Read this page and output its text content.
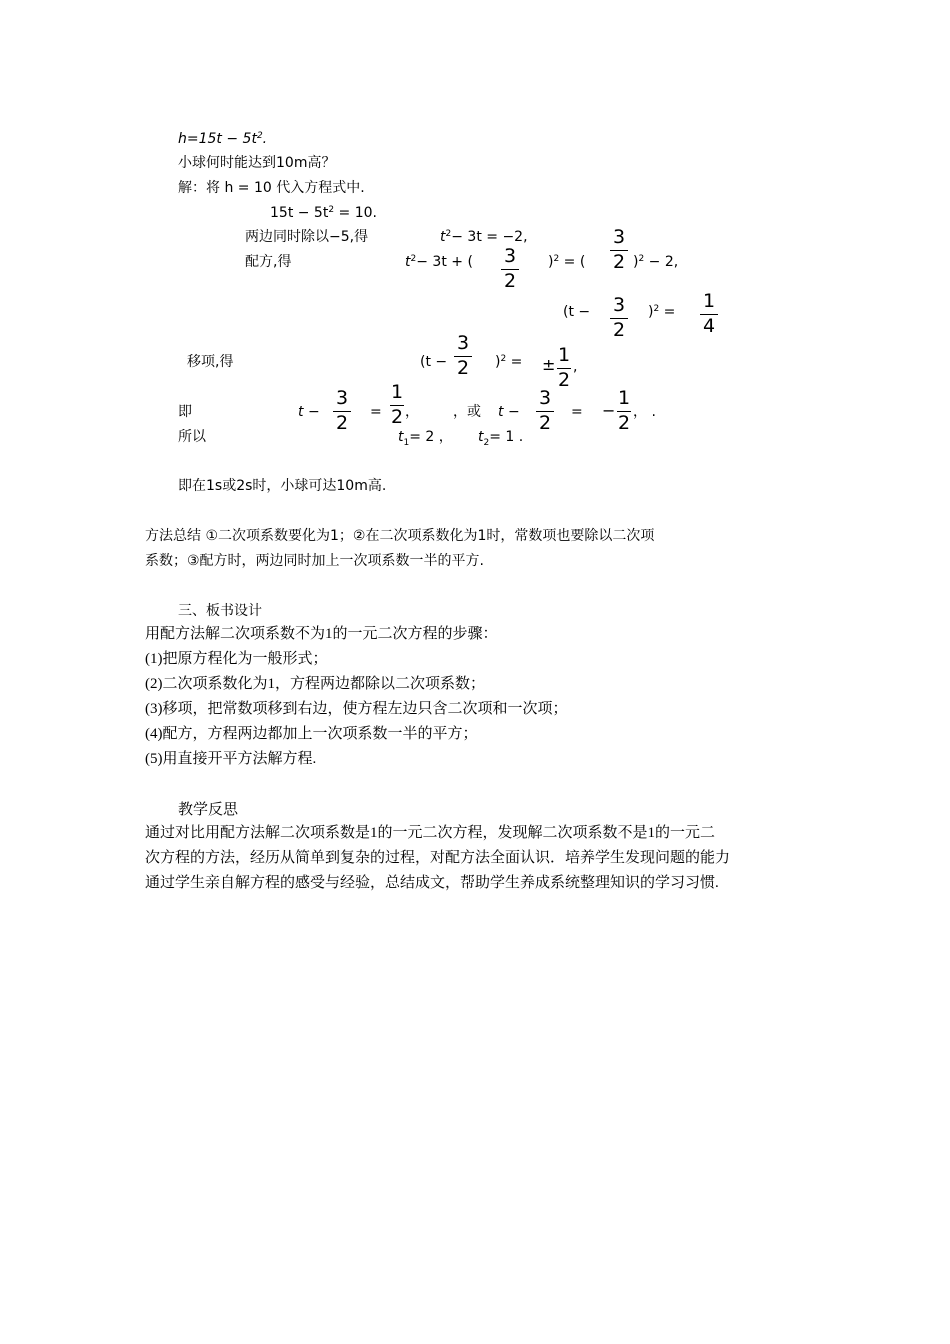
$h=15t - 5t^2$.
小球何时能达到10m高？
解：将 h = 10 代入方程式中.
$15t - 5t^2 = 10$.
两边同时除以−5,得	$t^2- 3t = -2$,	3
2
配方,得	$t^2- 3t$ + ( 3
2
)$^2$ = (	)$^2$ − 2,
(t − 3
2
)$^2$ = 1
4
移项,得	(t −
3
2 )$^2$ = ± 1
2
,
即	t −
3
2 =
1
2 ， ，或 t −
3
2 = −
1
2 ， .
所以	$t_1= 2$ ， $t_2= 1$ .
即在1s或2s时，小球可达10m高.
方法总结 ①二次项系数要化为1；②在二次项系数化为1时，常数项也要除以二次项
系数；③配方时，两边同时加上一次项系数一半的平方.
三、板书设计
用配方法解二次项系数不为1的一元二次方程的步骤：
(1)把原方程化为一般形式；
(2)二次项系数化为1，方程两边都除以二次项系数；
(3)移项，把常数项移到右边，使方程左边只含二次项和一次项；
(4)配方，方程两边都加上一次项系数一半的平方；
(5)用直接开平方法解方程.
教学反思
通过对比用配方法解二次项系数是1的一元二次方程，发现解二次项系数不是1的一元二
次方程的方法，经历从简单到复杂的过程，对配方法全面认识．培养学生发现问题的能力
通过学生亲自解方程的感受与经验，总结成文，帮助学生养成系统整理知识的学习习惯.
